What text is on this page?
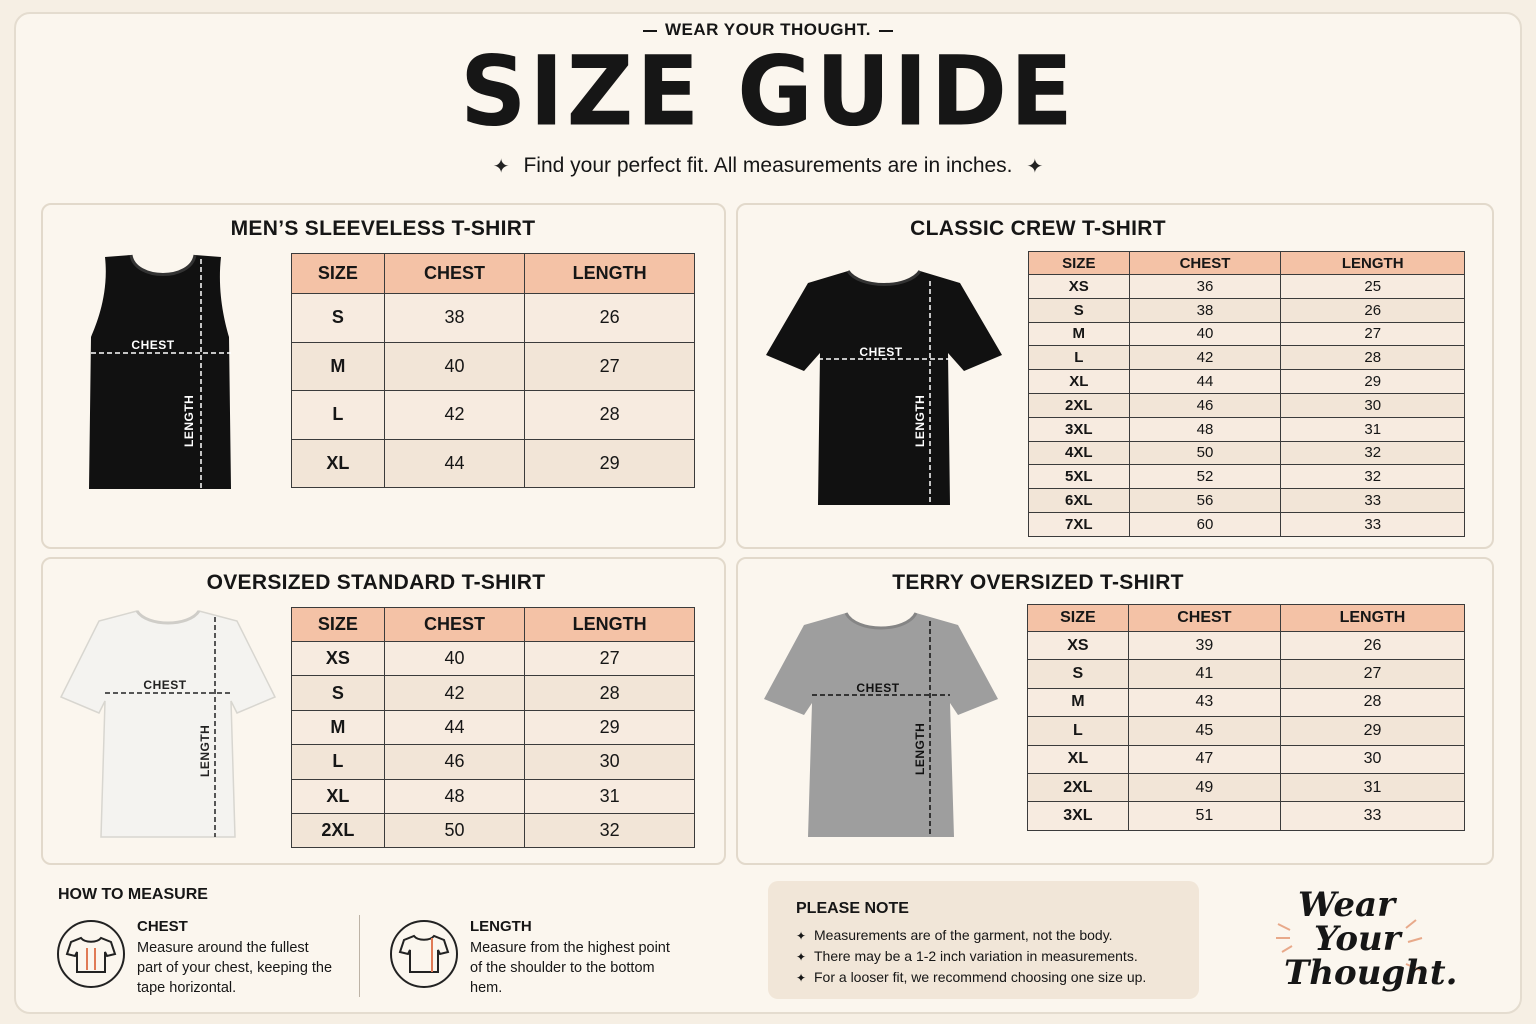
WEAR YOUR THOUGHT.
SIZE GUIDE
✦ Find your perfect fit. All measurements are in inches. ✦
MEN’S SLEEVELESS T-SHIRT
CHEST
LENGTH
SIZE	CHEST	LENGTH
S	38	26
M	40	27
L	42	28
XL	44	29
CLASSIC CREW T-SHIRT
CHEST
LENGTH
SIZE	CHEST	LENGTH
XS	36	25
S	38	26
M	40	27
L	42	28
XL	44	29
2XL	46	30
3XL	48	31
4XL	50	32
5XL	52	32
6XL	56	33
7XL	60	33
OVERSIZED STANDARD T-SHIRT
CHEST
LENGTH
SIZE	CHEST	LENGTH
XS	40	27
S	42	28
M	44	29
L	46	30
XL	48	31
2XL	50	32
TERRY OVERSIZED T-SHIRT
CHEST
LENGTH
SIZE	CHEST	LENGTH
XS	39	26
S	41	27
M	43	28
L	45	29
XL	47	30
2XL	49	31
3XL	51	33
HOW TO MEASURE
CHEST
Measure around the fullest part of your chest, keeping the tape horizontal.
LENGTH
Measure from the highest point of the shoulder to the bottom hem.
PLEASE NOTE
✦ Measurements are of the garment, not the body.
✦ There may be a 1-2 inch variation in measurements.
✦ For a looser fit, we recommend choosing one size up.
Wear
Your
Thought.
